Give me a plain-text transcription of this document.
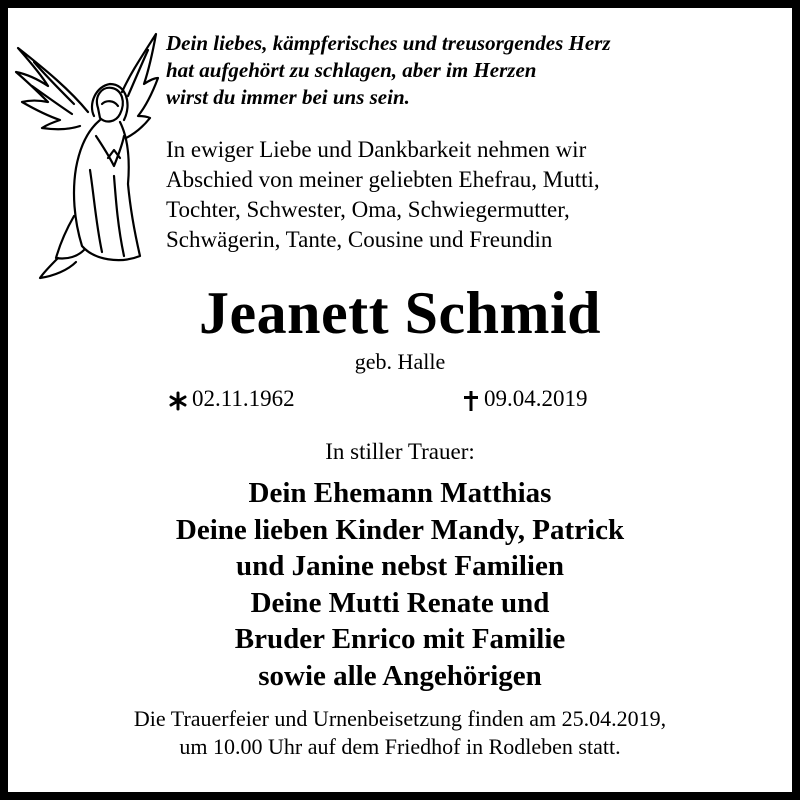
Dein liebes, kämpferisches und treusorgendes Herz
hat aufgehört zu schlagen, aber im Herzen
wirst du immer bei uns sein.
In ewiger Liebe und Dankbarkeit nehmen wir
Abschied von meiner geliebten Ehefrau, Mutti,
Tochter, Schwester, Oma, Schwiegermutter,
Schwägerin, Tante, Cousine und Freundin
Jeanett Schmid
geb. Halle
02.11.1962	09.04.2019
In stiller Trauer:
Dein Ehemann Matthias
Deine lieben Kinder Mandy, Patrick
und Janine nebst Familien
Deine Mutti Renate und
Bruder Enrico mit Familie
sowie alle Angehörigen
Die Trauerfeier und Urnenbeisetzung finden am 25.04.2019,
um 10.00 Uhr auf dem Friedhof in Rodleben statt.
